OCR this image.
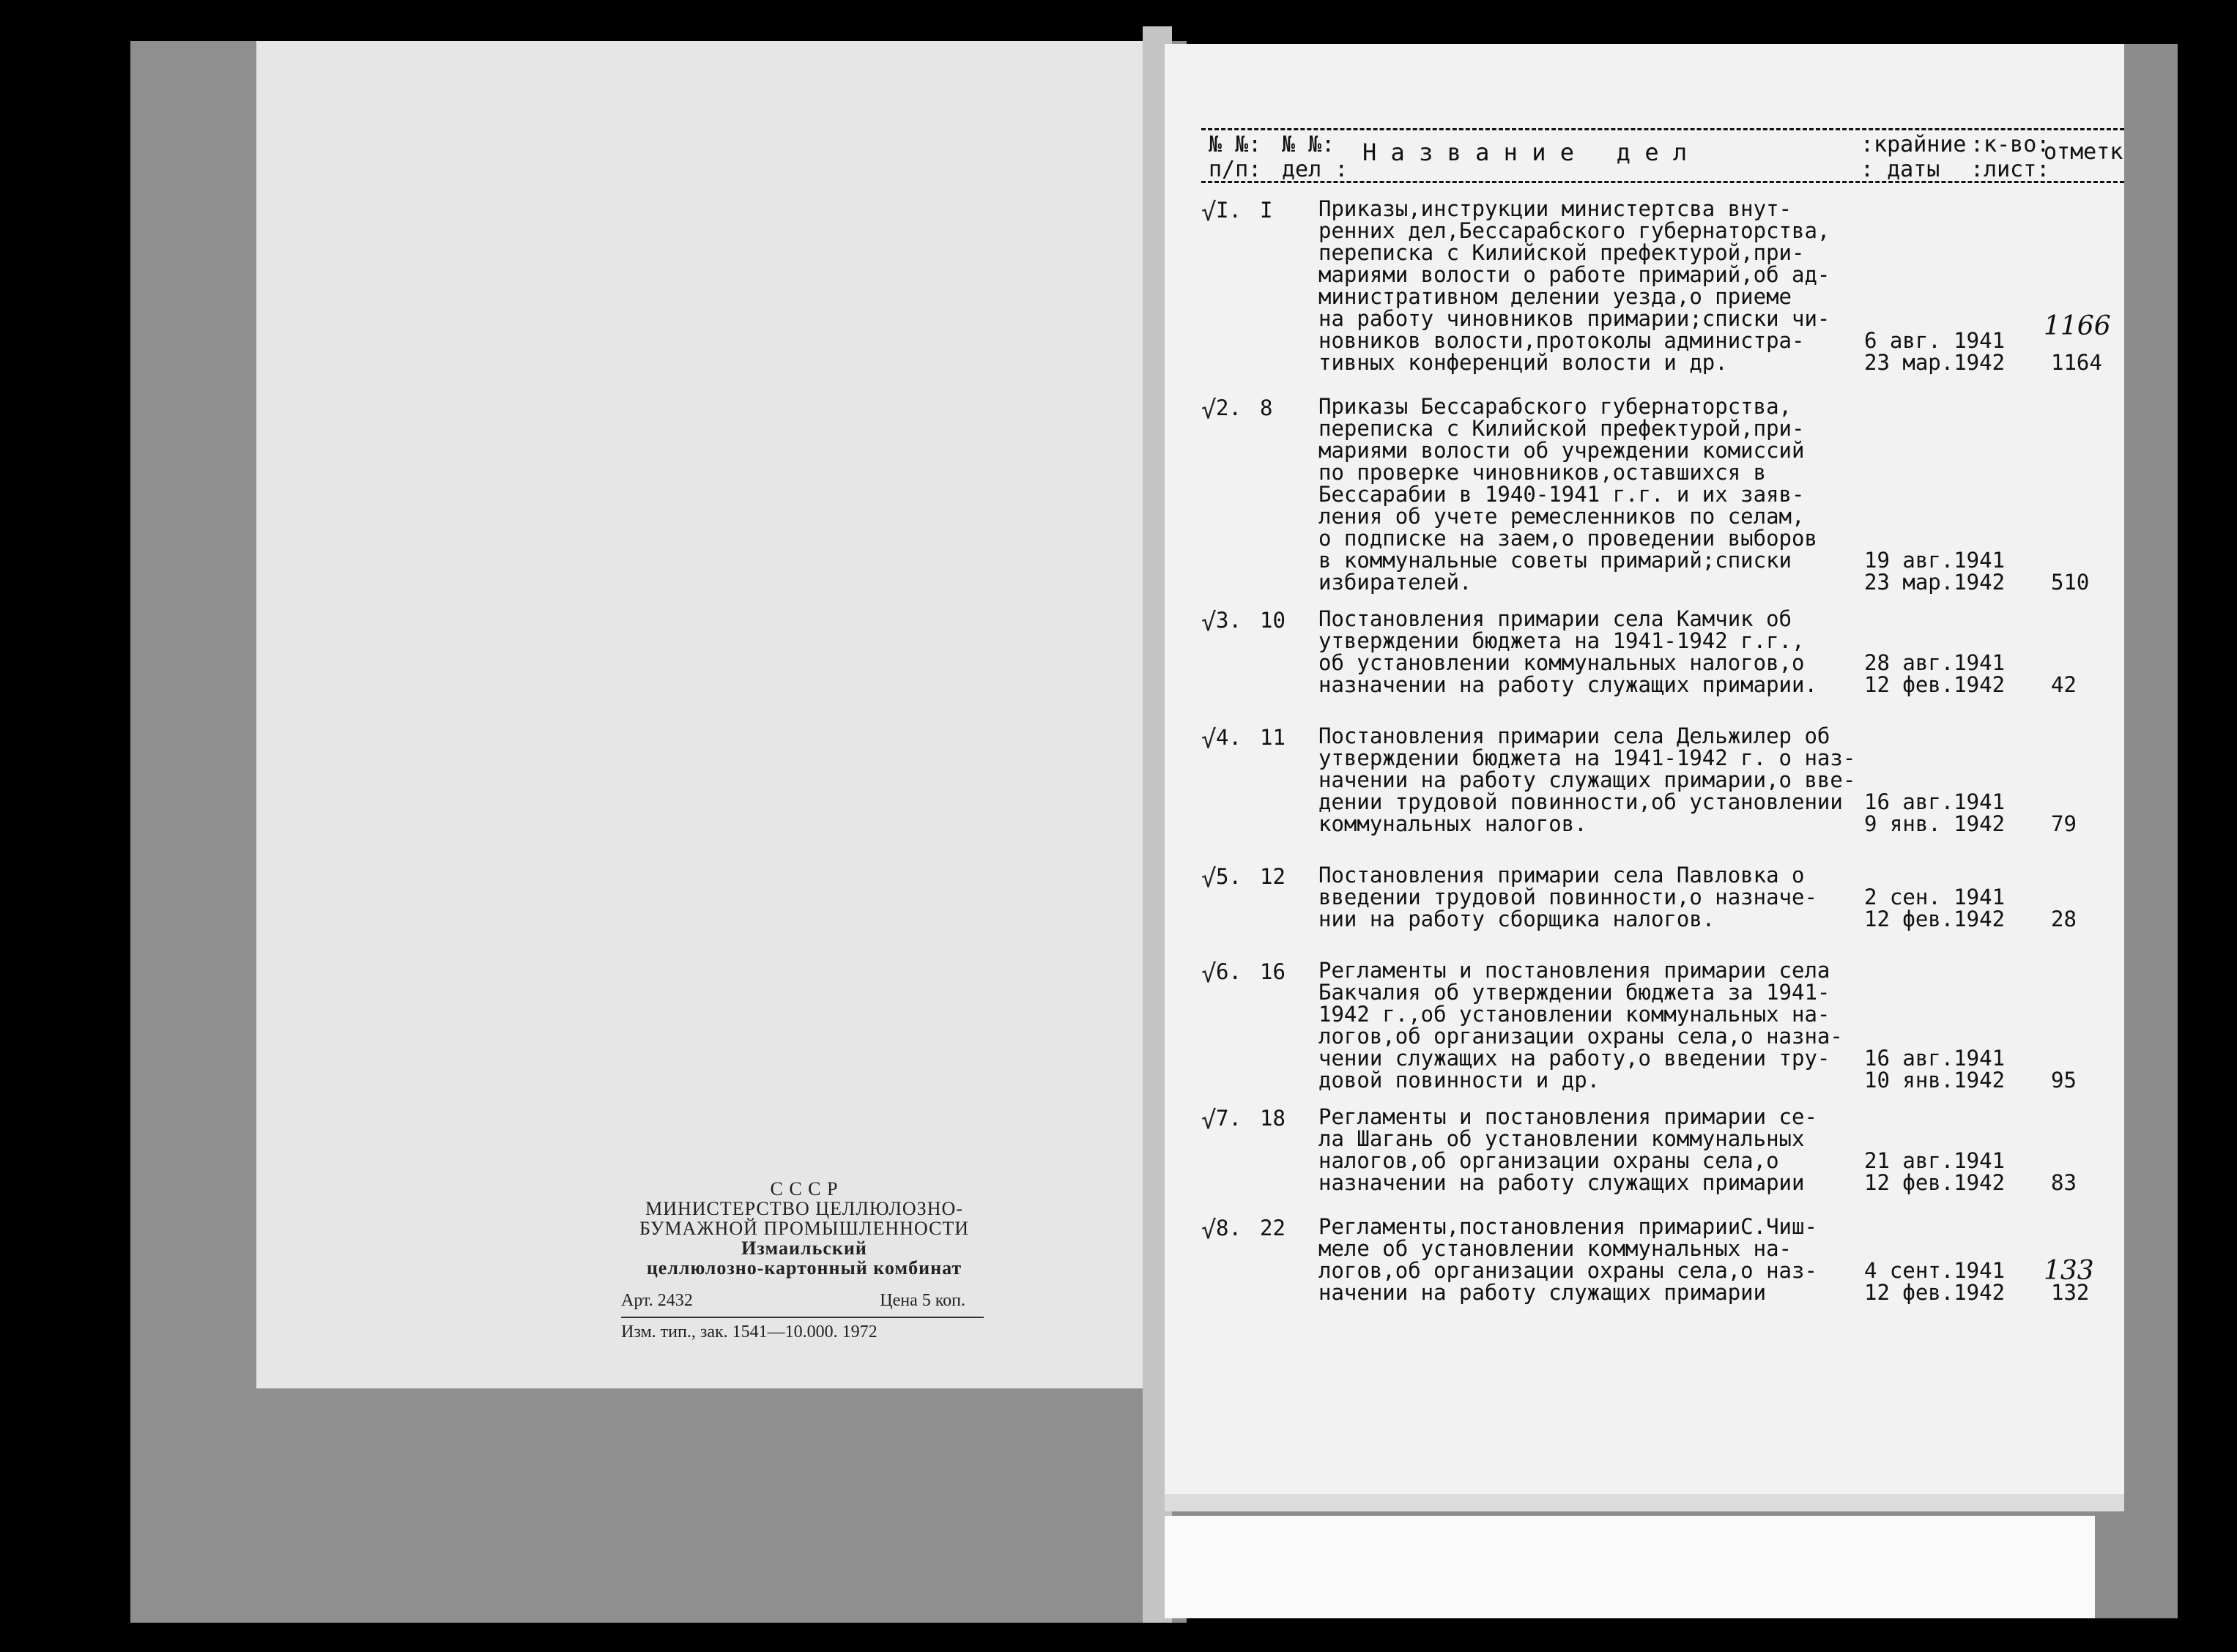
С С С Р
МИНИСТЕРСТВО ЦЕЛЛЮЛОЗНО-
БУМАЖНОЙ ПРОМЫШЛЕННОСТИ
Измаильский
целлюлозно-картонный комбинат
Арт. 2432	Цена 5 коп.
Изм. тип., зак. 1541—10.000. 1972
№ №:
п/п:
№ №:
дел :
Н а з в а н и е   д е л	:крайние
: даты
:к-во:
:лист:
отметк
√ I. I Приказы,инструкции министертсва внут-
ренних дел,Бессарабского губернаторства,
переписка с Килийской префектурой,при-
мариями волости о работе примарий,об ад-
министративном делении уезда,о приеме
на работу чиновников примарии;списки чи-
новников волости,протоколы администра-
тивных конференций волости и др.
6 авг. 1941
23 мар.1942 1164
1166
√ 2. 8 Приказы Бессарабского губернаторства,
переписка с Килийской префектурой,при-
мариями волости об учреждении комиссий
по проверке чиновников,оставшихся в
Бессарабии в 1940-1941 г.г. и их заяв-
ления об учете ремесленников по селам,
о подписке на заем,о проведении выборов
в коммунальные советы примарий;списки
избирателей.
19 авг.1941
23 мар.1942 510
√ 3. 10 Постановления примарии села Камчик об
утверждении бюджета на 1941-1942 г.г.,
об установлении коммунальных налогов,о
назначении на работу служащих примарии.
28 авг.1941
12 фев.1942 42
√ 4. 11 Постановления примарии села Дельжилер об
утверждении бюджета на 1941-1942 г. о наз-
начении на работу служащих примарии,о вве-
дении трудовой повинности,об установлении
коммунальных налогов.
16 авг.1941
9 янв. 1942 79
√ 5. 12 Постановления примарии села Павловка о
введении трудовой повинности,о назначе-
нии на работу сборщика налогов.
2 сен. 1941
12 фев.1942 28
√ 6. 16 Регламенты и постановления примарии села
Бакчалия об утверждении бюджета за 1941-
1942 г.,об установлении коммунальных на-
логов,об организации охраны села,о назна-
чении служащих на работу,о введении тру-
довой повинности и др.
16 авг.1941
10 янв.1942 95
√ 7. 18 Регламенты и постановления примарии се-
ла Шагань об установлении коммунальных
налогов,об организации охраны села,о
назначении на работу служащих примарии
21 авг.1941
12 фев.1942 83
√ 8. 22 Регламенты,постановления примарииС.Чиш-
меле об установлении коммунальных на-
логов,об организации охраны села,о наз-
начении на работу служащих примарии
4 сент.1941
12 фев.1942 132
133
